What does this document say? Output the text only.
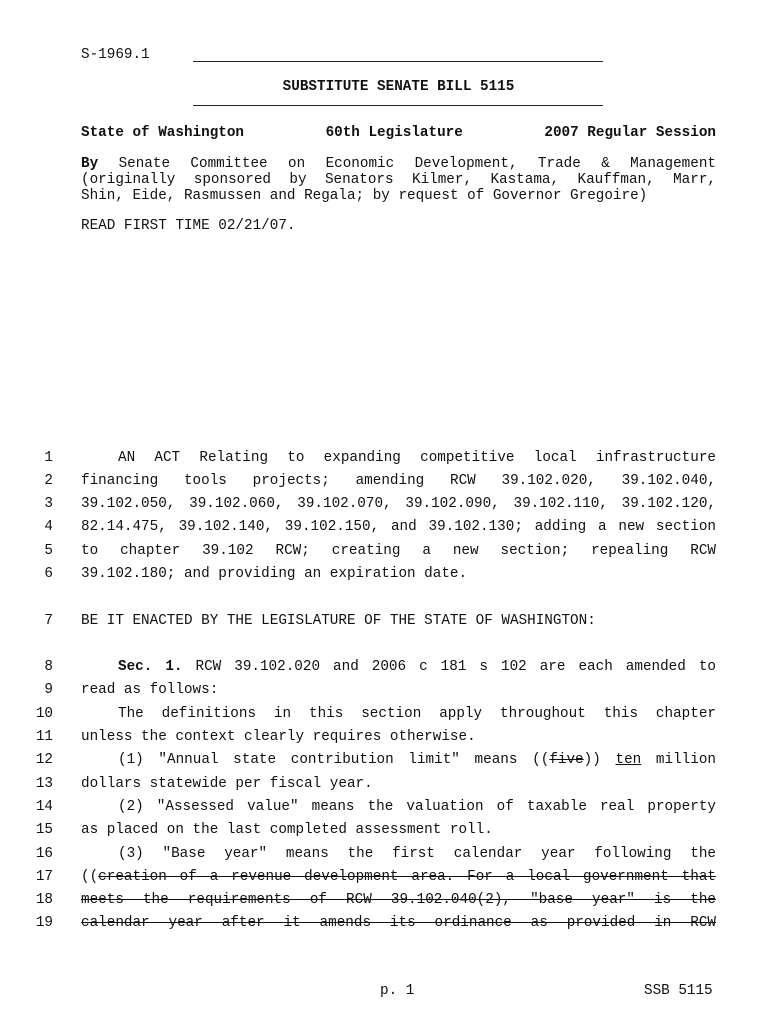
S-1969.1
SUBSTITUTE SENATE BILL 5115
State of Washington	60th Legislature	2007 Regular Session
By Senate Committee on Economic Development, Trade & Management
(originally sponsored by Senators Kilmer, Kastama, Kauffman, Marr,
Shin, Eide, Rasmussen and Regala; by request of Governor Gregoire)
READ FIRST TIME 02/21/07.
1	AN ACT Relating to expanding competitive local infrastructure
2 financing tools projects; amending RCW 39.102.020, 39.102.040,
3 39.102.050, 39.102.060, 39.102.070, 39.102.090, 39.102.110, 39.102.120,
4 82.14.475, 39.102.140, 39.102.150, and 39.102.130; adding a new section
5 to chapter 39.102 RCW; creating a new section; repealing RCW
6 39.102.180; and providing an expiration date.
7 BE IT ENACTED BY THE LEGISLATURE OF THE STATE OF WASHINGTON:
8	Sec. 1. RCW 39.102.020 and 2006 c 181 s 102 are each amended to
9 read as follows:
10	The definitions in this section apply throughout this chapter
11 unless the context clearly requires otherwise.
12	(1) "Annual state contribution limit" means ((five)) ten million
13 dollars statewide per fiscal year.
14	(2) "Assessed value" means the valuation of taxable real property
15 as placed on the last completed assessment roll.
16	(3) "Base year" means the first calendar year following the
17 ((creation of a revenue development area. For a local government that
18 meets the requirements of RCW 39.102.040(2), "base year" is the
19 calendar year after it amends its ordinance as provided in RCW
p. 1	SSB 5115
